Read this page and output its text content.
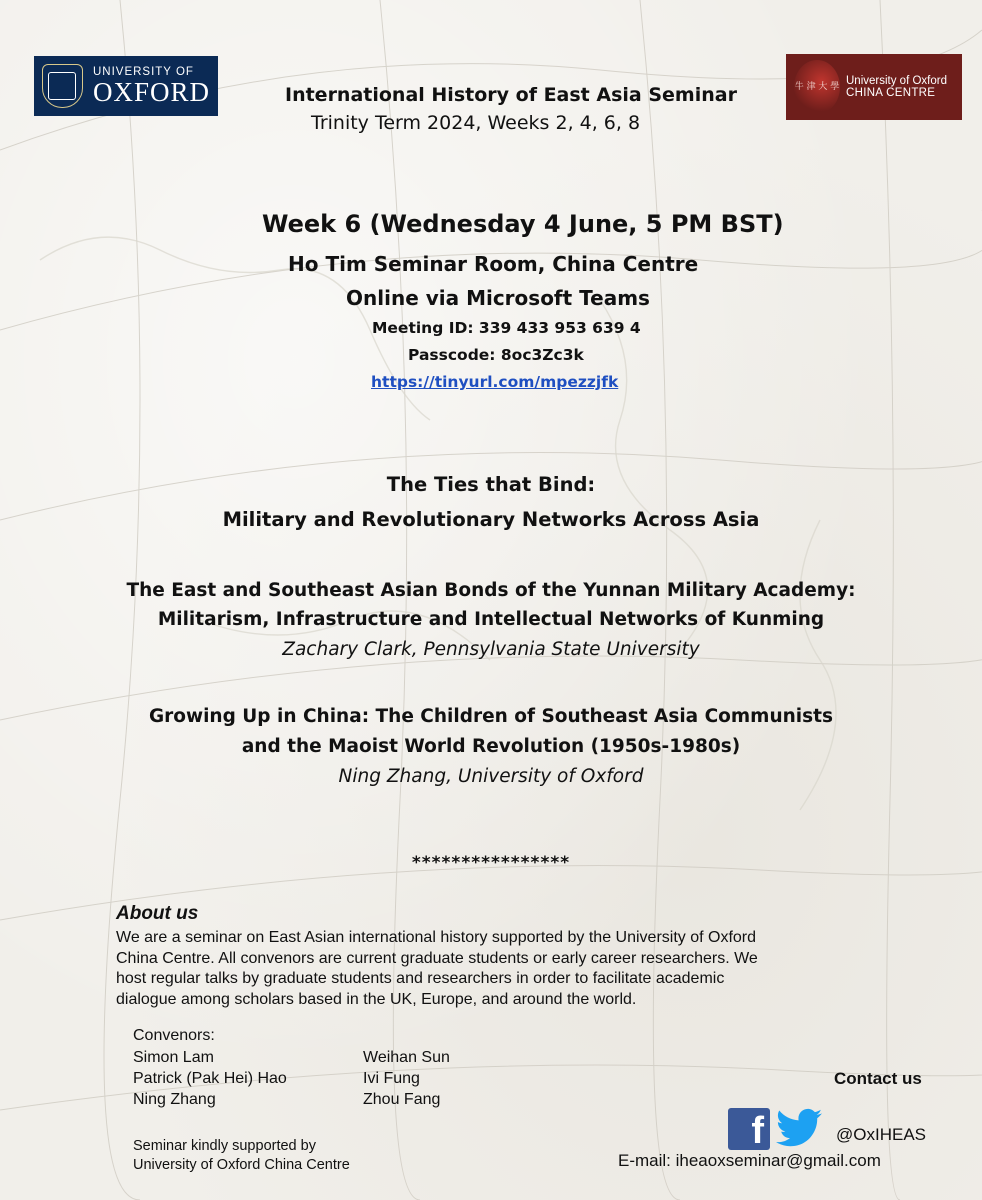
UNIVERSITY OF
OXFORD	牛 津 大 學 University of Oxford
CHINA CENTRE
International History of East Asia Seminar
Trinity Term 2024, Weeks 2, 4, 6, 8
Week 6 (Wednesday 4 June, 5 PM BST)
Ho Tim Seminar Room, China Centre
Online via Microsoft Teams
Meeting ID: 339 433 953 639 4
Passcode: 8oc3Zc3k
https://tinyurl.com/mpezzjfk
The Ties that Bind:
Military and Revolutionary Networks Across Asia
The East and Southeast Asian Bonds of the Yunnan Military Academy:
Militarism, Infrastructure and Intellectual Networks of Kunming
Zachary Clark, Pennsylvania State University
Growing Up in China: The Children of Southeast Asia Communists
and the Maoist World Revolution (1950s-1980s)
Ning Zhang, University of Oxford
****************
About us
We are a seminar on East Asian international history supported by the University of Oxford
China Centre. All convenors are current graduate students or early career researchers. We
host regular talks by graduate students and researchers in order to facilitate academic
dialogue among scholars based in the UK, Europe, and around the world.
Convenors:
Simon Lam
Patrick (Pak Hei) Hao
Ning Zhang
Weihan Sun
Ivi Fung
Zhou Fang
Seminar kindly supported by
University of Oxford China Centre
Contact us
f	@OxIHEAS
E-mail: iheaoxseminar@gmail.com
